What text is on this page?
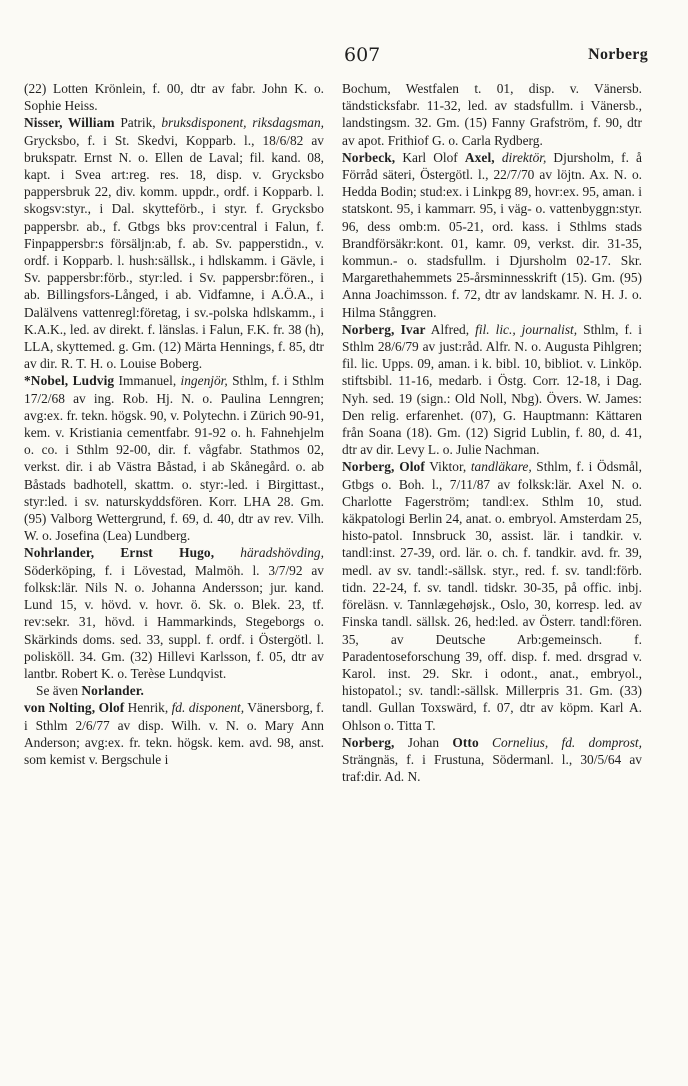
607	Norberg

(22) Lotten Krönlein, f. 00, dtr av fabr. John K. o. Sophie Heiss.

Nisser, William Patrik, bruksdisponent, riksdagsman, Grycksbo, f. i St. Skedvi, Kopparb. l., 18/6/82 av brukspatr. Ernst N. o. Ellen de Laval; fil. kand. 08, kapt. i Svea art:reg. res. 18, disp. v. Grycksbo pappersbruk 22, div. komm. uppdr., ordf. i Kopparb. l. skogsv:styr., i Dal. skytteförb., i styr. f. Grycksbo pappersbr. ab., f. Gtbgs bks prov:central i Falun, f. Finpappersbr:s försäljn:ab, f. ab. Sv. papperstidn., v. ordf. i Kopparb. l. hush:sällsk., i hdlskamm. i Gävle, i Sv. pappersbr:förb., styr:led. i Sv. pappersbr:fören., i ab. Billingsfors-Långed, i ab. Vidfamne, i A.Ö.A., i Dalälvens vattenregl:företag, i sv.-polska hdlskamm., i K.A.K., led. av direkt. f. länslas. i Falun, F.K. fr. 38 (h), LLA, skyttemed. g. Gm. (12) Märta Hennings, f. 85, dtr av dir. R. T. H. o. Louise Boberg.

*Nobel, Ludvig Immanuel, ingenjör, Sthlm, f. i Sthlm 17/2/68 av ing. Rob. Hj. N. o. Paulina Lenngren; avg:ex. fr. tekn. högsk. 90, v. Polytechn. i Zürich 90-91, kem. v. Kristiania cementfabr. 91-92 o. h. Fahnehjelm o. co. i Sthlm 92-00, dir. f. vågfabr. Stathmos 02, verkst. dir. i ab Västra Båstad, i ab Skånegård. o. ab Båstads badhotell, skattm. o. styr:-led. i Birgittast., styr:led. i sv. naturskyddsfören. Korr. LHA 28. Gm. (95) Valborg Wettergrund, f. 69, d. 40, dtr av rev. Vilh. W. o. Josefina (Lea) Lundberg.

Nohrlander, Ernst Hugo, häradshövding, Söderköping, f. i Lövestad, Malmöh. l. 3/7/92 av folksk:lär. Nils N. o. Johanna Andersson; jur. kand. Lund 15, v. hövd. v. hovr. ö. Sk. o. Blek. 23, tf. rev:sekr. 31, hövd. i Hammarkinds, Stegeborgs o. Skärkinds doms. sed. 33, suppl. f. ordf. i Östergötl. l. polisköll. 34. Gm. (32) Hillevi Karlsson, f. 05, dtr av lantbr. Robert K. o. Terèse Lundqvist.

Se även Norlander.

von Nolting, Olof Henrik, fd. disponent, Vänersborg, f. i Sthlm 2/6/77 av disp. Wilh. v. N. o. Mary Ann Anderson; avg:ex. fr. tekn. högsk. kem. avd. 98, anst. som kemist v. Bergschule i

Bochum, Westfalen t. 01, disp. v. Vänersb. tändsticksfabr. 11-32, led. av stadsfullm. i Vänersb., landstingsm. 32. Gm. (15) Fanny Grafström, f. 90, dtr av apot. Frithiof G. o. Carla Rydberg.

Norbeck, Karl Olof Axel, direktör, Djursholm, f. å Förråd säteri, Östergötl. l., 22/7/70 av löjtn. Ax. N. o. Hedda Bodin; stud:ex. i Linkpg 89, hovr:ex. 95, aman. i statskont. 95, i kammarr. 95, i väg- o. vattenbyggn:styr. 96, dess omb:m. 05-21, ord. kass. i Sthlms stads Brandförsäkr:kont. 01, kamr. 09, verkst. dir. 31-35, kommun.- o. stadsfullm. i Djursholm 02-17. Skr. Margarethahemmets 25-årsminnesskrift (15). Gm. (95) Anna Joachimsson. f. 72, dtr av landskamr. N. H. J. o. Hilma Stånggren.

Norberg, Ivar Alfred, fil. lic., journalist, Sthlm, f. i Sthlm 28/6/79 av just:råd. Alfr. N. o. Augusta Pihlgren; fil. lic. Upps. 09, aman. i k. bibl. 10, bibliot. v. Linköp. stiftsbibl. 11-16, medarb. i Östg. Corr. 12-18, i Dag. Nyh. sed. 19 (sign.: Old Noll, Nbg). Övers. W. James: Den relig. erfarenhet. (07), G. Hauptmann: Kättaren från Soana (18). Gm. (12) Sigrid Lublin, f. 80, d. 41, dtr av dir. Levy L. o. Julie Nachman.

Norberg, Olof Viktor, tandläkare, Sthlm, f. i Ödsmål, Gtbgs o. Boh. l., 7/11/87 av folksk:lär. Axel N. o. Charlotte Fagerström; tandl:ex. Sthlm 10, stud. käkpatologi Berlin 24, anat. o. embryol. Amsterdam 25, histo-patol. Innsbruck 30, assist. lär. i tandkir. v. tandl:inst. 27-39, ord. lär. o. ch. f. tandkir. avd. fr. 39, medl. av sv. tandl:-sällsk. styr., red. f. sv. tandl:förb. tidn. 22-24, f. sv. tandl. tidskr. 30-35, på offic. inbj. föreläsn. v. Tannlægehøjsk., Oslo, 30, korresp. led. av Finska tandl. sällsk. 26, hed:led. av Österr. tandl:fören. 35, av Deutsche Arb:gemeinsch. f. Paradentoseforschung 39, off. disp. f. med. drsgrad v. Karol. inst. 29. Skr. i odont., anat., embryol., histopatol.; sv. tandl:-sällsk. Millerpris 31. Gm. (33) tandl. Gullan Toxswärd, f. 07, dtr av köpm. Karl A. Ohlson o. Titta T.

Norberg, Johan Otto Cornelius, fd. domprost, Strängnäs, f. i Frustuna, Södermanl. l., 30/5/64 av traf:dir. Ad. N.
